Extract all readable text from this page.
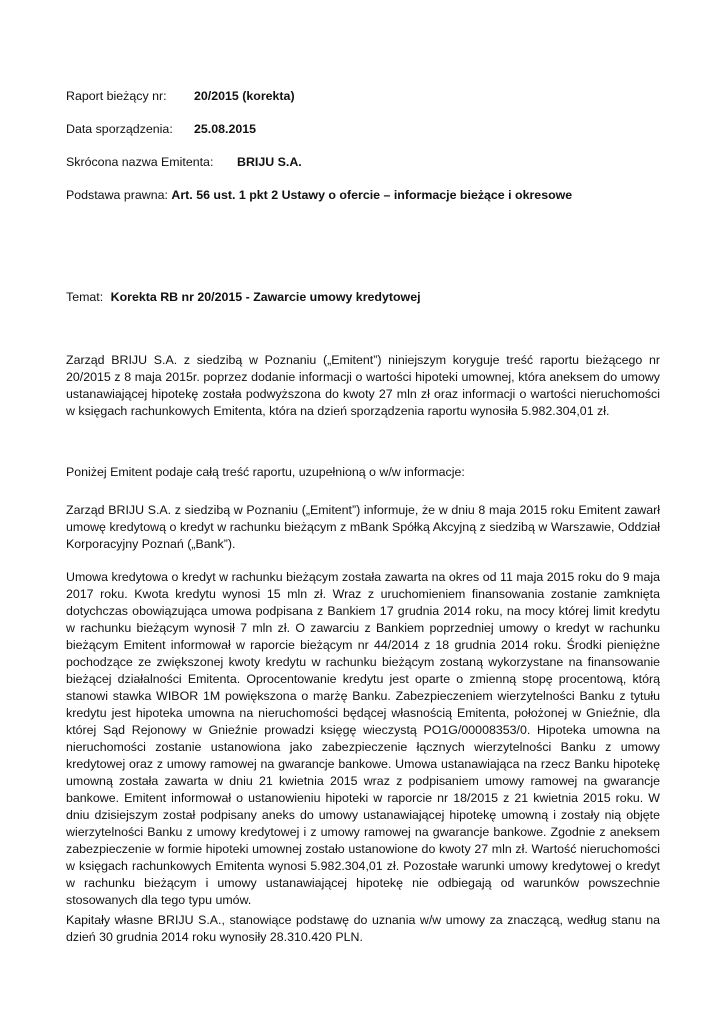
Raport bieżący nr: 20/2015 (korekta)
Data sporządzenia: 25.08.2015
Skrócona nazwa Emitenta: BRIJU S.A.
Podstawa prawna: Art. 56 ust. 1 pkt 2 Ustawy o ofercie – informacje bieżące i okresowe
Temat: Korekta RB nr 20/2015 - Zawarcie umowy kredytowej

Zarząd BRIJU S.A. z siedzibą w Poznaniu („Emitent”) niniejszym koryguje treść raportu bieżącego nr 20/2015 z 8 maja 2015r. poprzez dodanie informacji o wartości hipoteki umownej, która aneksem do umowy ustanawiającej hipotekę została podwyższona do kwoty 27 mln zł oraz informacji o wartości nieruchomości w księgach rachunkowych Emitenta, która na dzień sporządzenia raportu wynosiła 5.982.304,01 zł.

Poniżej Emitent podaje całą treść raportu, uzupełnioną o w/w informacje:

Zarząd BRIJU S.A. z siedzibą w Poznaniu („Emitent”) informuje, że w dniu 8 maja 2015 roku Emitent zawarł umowę kredytową o kredyt w rachunku bieżącym z mBank Spółką Akcyjną z siedzibą w Warszawie, Oddział Korporacyjny Poznań („Bank”).

Umowa kredytowa o kredyt w rachunku bieżącym została zawarta na okres od 11 maja 2015 roku do 9 maja 2017 roku. Kwota kredytu wynosi 15 mln zł. Wraz z uruchomieniem finansowania zostanie zamknięta dotychczas obowiązująca umowa podpisana z Bankiem 17 grudnia 2014 roku, na mocy której limit kredytu w rachunku bieżącym wynosił 7 mln zł. O zawarciu z Bankiem poprzedniej umowy o kredyt w rachunku bieżącym Emitent informował w raporcie bieżącym nr 44/2014 z 18 grudnia 2014 roku. Środki pieniężne pochodzące ze zwiększonej kwoty kredytu w rachunku bieżącym zostaną wykorzystane na finansowanie bieżącej działalności Emitenta. Oprocentowanie kredytu jest oparte o zmienną stopę procentową, którą stanowi stawka WIBOR 1M powiększona o marżę Banku. Zabezpieczeniem wierzytelności Banku z tytułu kredytu jest hipoteka umowna na nieruchomości będącej własnością Emitenta, położonej w Gnieźnie, dla której Sąd Rejonowy w Gnieźnie prowadzi księgę wieczystą PO1G/00008353/0. Hipoteka umowna na nieruchomości zostanie ustanowiona jako zabezpieczenie łącznych wierzytelności Banku z umowy kredytowej oraz z umowy ramowej na gwarancje bankowe. Umowa ustanawiająca na rzecz Banku hipotekę umowną została zawarta w dniu 21 kwietnia 2015 wraz z podpisaniem umowy ramowej na gwarancje bankowe. Emitent informował o ustanowieniu hipoteki w raporcie nr 18/2015 z 21 kwietnia 2015 roku. W dniu dzisiejszym został podpisany aneks do umowy ustanawiającej hipotekę umowną i zostały nią objęte wierzytelności Banku z umowy kredytowej i z umowy ramowej na gwarancje bankowe. Zgodnie z aneksem zabezpieczenie w formie hipoteki umownej zostało ustanowione do kwoty 27 mln zł. Wartość nieruchomości w księgach rachunkowych Emitenta wynosi 5.982.304,01 zł. Pozostałe warunki umowy kredytowej o kredyt w rachunku bieżącym i umowy ustanawiającej hipotekę nie odbiegają od warunków powszechnie stosowanych dla tego typu umów.

Kapitały własne BRIJU S.A., stanowiące podstawę do uznania w/w umowy za znaczącą, według stanu na dzień 30 grudnia 2014 roku wynosiły 28.310.420 PLN.
